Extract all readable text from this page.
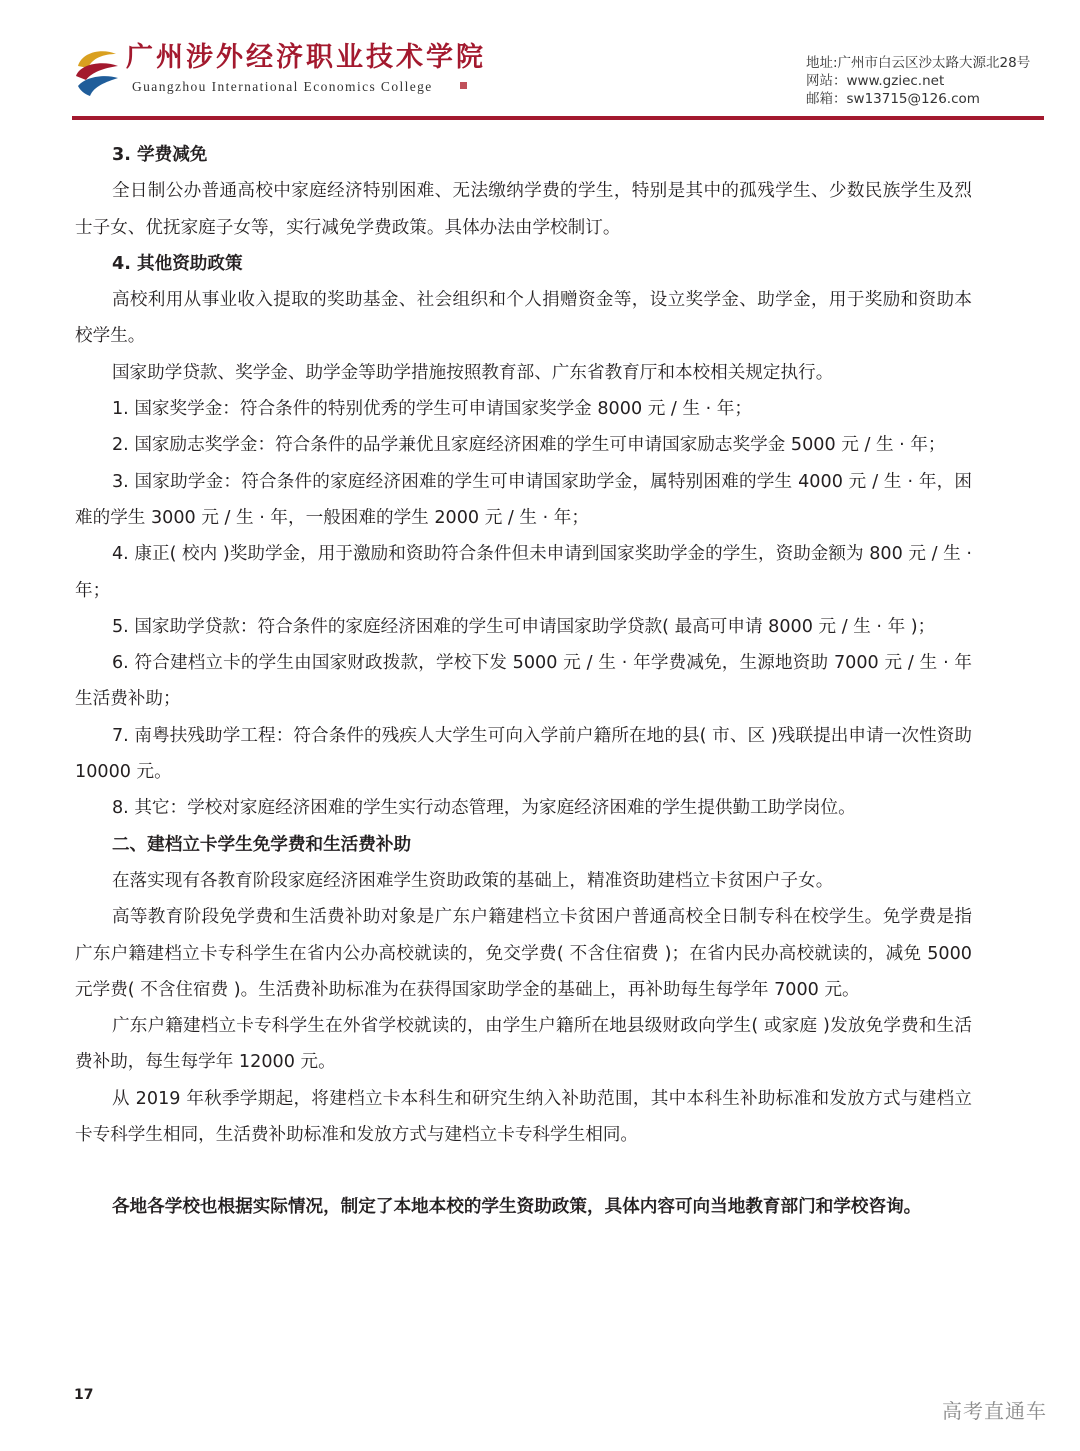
广州涉外经济职业技术学院
Guangzhou International Economics College
地址:广州市白云区沙太路大源北28号
网站：www.gziec.net
邮箱：sw13715@126.com

3. 学费减免

全日制公办普通高校中家庭经济特别困难、无法缴纳学费的学生，特别是其中的孤残学生、少数民族学生及烈士子女、优抚家庭子女等，实行减免学费政策。具体办法由学校制订。

4. 其他资助政策

高校利用从事业收入提取的奖助基金、社会组织和个人捐赠资金等，设立奖学金、助学金，用于奖励和资助本校学生。

国家助学贷款、奖学金、助学金等助学措施按照教育部、广东省教育厅和本校相关规定执行。

1. 国家奖学金：符合条件的特别优秀的学生可申请国家奖学金 8000 元 / 生 · 年；

2. 国家励志奖学金：符合条件的品学兼优且家庭经济困难的学生可申请国家励志奖学金 5000 元 / 生 · 年；

3. 国家助学金：符合条件的家庭经济困难的学生可申请国家助学金，属特别困难的学生 4000 元 / 生 · 年，困难的学生 3000 元 / 生 · 年，一般困难的学生 2000 元 / 生 · 年；

4. 康正( 校内 )奖助学金，用于激励和资助符合条件但未申请到国家奖助学金的学生，资助金额为 800 元 / 生 · 年；

5. 国家助学贷款：符合条件的家庭经济困难的学生可申请国家助学贷款( 最高可申请 8000 元 / 生 · 年 )；

6. 符合建档立卡的学生由国家财政拨款，学校下发 5000 元 / 生 · 年学费减免，生源地资助 7000 元 / 生 · 年生活费补助；

7. 南粤扶残助学工程：符合条件的残疾人大学生可向入学前户籍所在地的县( 市、区 )残联提出申请一次性资助 10000 元。

8. 其它：学校对家庭经济困难的学生实行动态管理，为家庭经济困难的学生提供勤工助学岗位。

二、建档立卡学生免学费和生活费补助

在落实现有各教育阶段家庭经济困难学生资助政策的基础上，精准资助建档立卡贫困户子女。

高等教育阶段免学费和生活费补助对象是广东户籍建档立卡贫困户普通高校全日制专科在校学生。免学费是指广东户籍建档立卡专科学生在省内公办高校就读的，免交学费( 不含住宿费 )；在省内民办高校就读的，减免 5000 元学费( 不含住宿费 )。生活费补助标准为在获得国家助学金的基础上，再补助每生每学年 7000 元。

广东户籍建档立卡专科学生在外省学校就读的，由学生户籍所在地县级财政向学生( 或家庭 )发放免学费和生活费补助，每生每学年 12000 元。

从 2019 年秋季学期起，将建档立卡本科生和研究生纳入补助范围，其中本科生补助标准和发放方式与建档立卡专科学生相同，生活费补助标准和发放方式与建档立卡专科学生相同。

各地各学校也根据实际情况，制定了本地本校的学生资助政策，具体内容可向当地教育部门和学校咨询。

17
高考直通车
